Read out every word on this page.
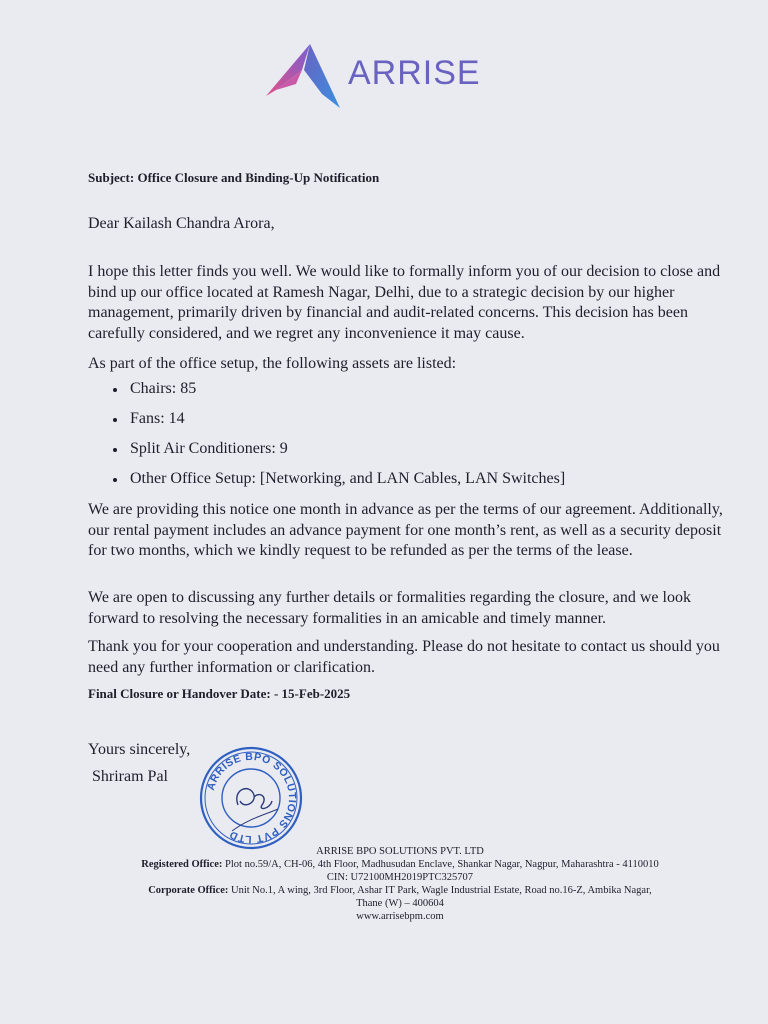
ARRISE
Subject: Office Closure and Binding-Up Notification
Dear Kailash Chandra Arora,

I hope this letter finds you well. We would like to formally inform you of our decision to close and bind up our office located at Ramesh Nagar, Delhi, due to a strategic decision by our higher management, primarily driven by financial and audit-related concerns. This decision has been carefully considered, and we regret any inconvenience it may cause.

As part of the office setup, the following assets are listed:

Chairs: 85
Fans: 14
Split Air Conditioners: 9
Other Office Setup: [Networking, and LAN Cables, LAN Switches]

We are providing this notice one month in advance as per the terms of our agreement. Additionally, our rental payment includes an advance payment for one month’s rent, as well as a security deposit for two months, which we kindly request to be refunded as per the terms of the lease.

We are open to discussing any further details or formalities regarding the closure, and we look forward to resolving the necessary formalities in an amicable and timely manner.

Thank you for your cooperation and understanding. Please do not hesitate to contact us should you need any further information or clarification.

Final Closure or Handover Date: - 15-Feb-2025
Yours sincerely,
Shriram Pal
ARRISE BPO SOLUTIONS PVT LTD
ARRISE BPO SOLUTIONS PVT. LTD
Registered Office: Plot no.59/A, CH-06, 4th Floor, Madhusudan Enclave, Shankar Nagar, Nagpur, Maharashtra - 4110010
CIN: U72100MH2019PTC325707
Corporate Office: Unit No.1, A wing, 3rd Floor, Ashar IT Park, Wagle Industrial Estate, Road no.16-Z, Ambika Nagar,
Thane (W) – 400604
www.arrisebpm.com
